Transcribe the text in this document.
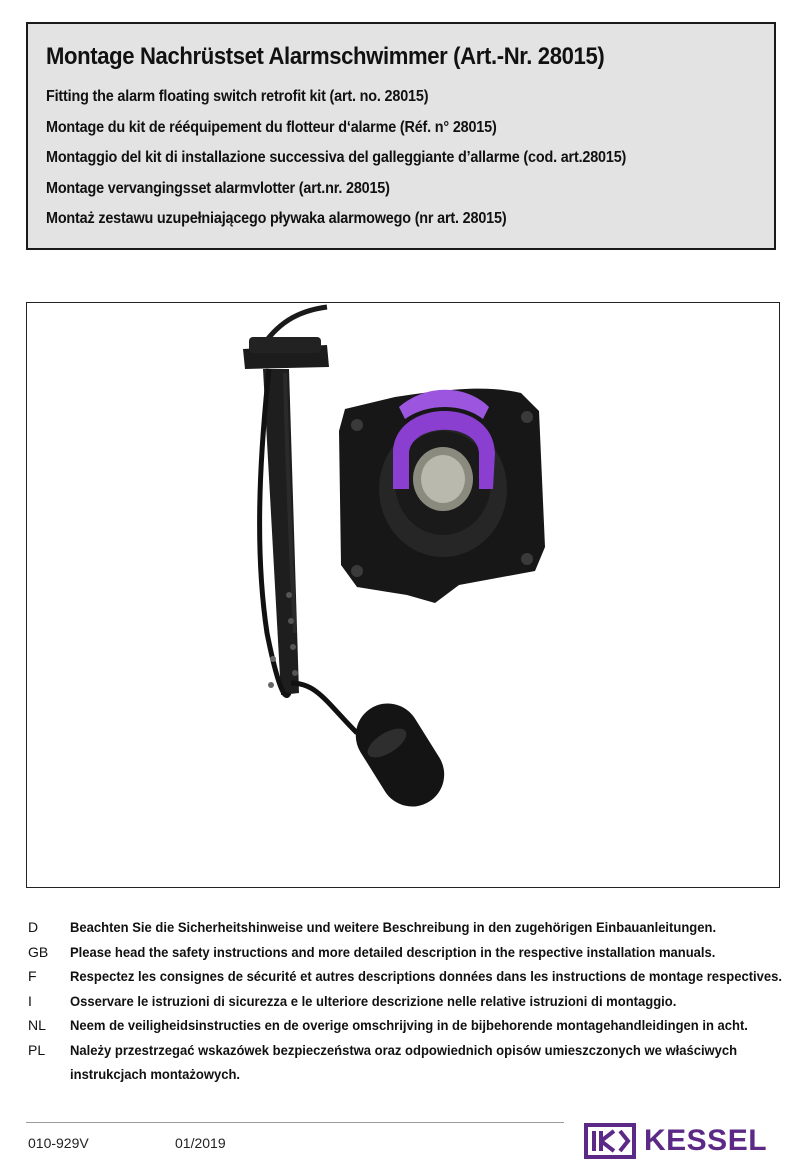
Montage Nachrüstset Alarmschwimmer (Art.-Nr. 28015)
Fitting the alarm floating switch retrofit kit (art. no. 28015)
Montage du kit de rééquipement du flotteur d‘alarme (Réf. n° 28015)
Montaggio del kit di installazione successiva del galleggiante d’allarme (cod. art.28015)
Montage vervangingsset alarmvlotter (art.nr. 28015)
Montaż zestawu uzupełniającego pływaka alarmowego (nr art. 28015)
D	Beachten Sie die Sicherheitshinweise und weitere Beschreibung in den zugehörigen Einbauanleitungen.
GB	Please head the safety instructions and more detailed description in the respective installation manuals.
F	Respectez les consignes de sécurité et autres descriptions données dans les instructions de montage respectives.
I	Osservare le istruzioni di sicurezza e le ulteriore descrizione nelle relative istruzioni di montaggio.
NL	Neem de veiligheidsinstructies en de overige omschrijving in de bijbehorende montagehandleidingen in acht.
PL	Należy przestrzegać wskazówek bezpieczeństwa oraz odpowiednich opisów umieszczonych we właściwych instrukcjach montażowych.
010-929V	01/2019	KESSEL
